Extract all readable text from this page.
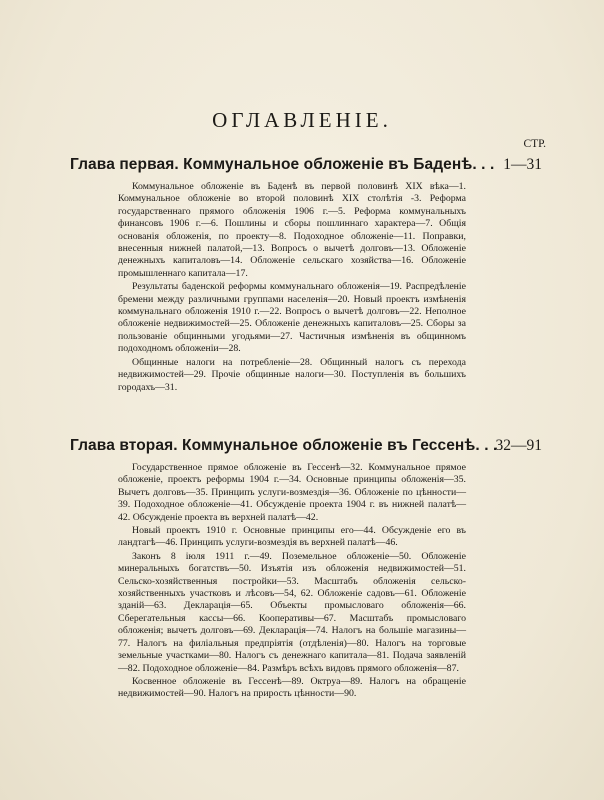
ОГЛАВЛЕНІЕ.
СТР.
Глава первая. Коммунальное обложеніе въ Баденѣ. . . 1—31

Коммунальное обложеніе въ Баденѣ въ первой половинѣ XIX вѣка—1. Коммунальное обложеніе во второй половинѣ XIX столѣтія -3. Реформа государственнаго прямого обложенія 1906 г.—5. Реформа коммунальныхъ финансовъ 1906 г.—6. Пошлины и сборы пошлиннаго характера—7. Общія основанія обложенія, по проекту—8. Подоходное обложеніе—11. Поправки, внесенныя нижней палатой,—13. Вопросъ о вычетѣ долговъ—13. Обложеніе денежныхъ капиталовъ—14. Обложеніе сельскаго хозяйства—16. Обложеніе промышленнаго капитала—17.

Результаты баденской реформы коммунальнаго обложенія—19. Распредѣленіе бремени между различными группами населенія—20. Новый проектъ измѣненія коммунальнаго обложенія 1910 г.—22. Вопросъ о вычетѣ долговъ—22. Неполное обложеніе недвижимостей—25. Обложеніе денежныхъ капиталовъ—25. Сборы за пользованіе общинными угодьями—27. Частичныя измѣненія въ общинномъ подоходномъ обложеніи—28.

Общинные налоги на потребленіе—28. Общинный налогъ съ перехода недвижимостей—29. Прочіе общинные налоги—30. Поступленія въ большихъ городахъ—31.

Глава вторая. Коммунальное обложеніе въ Гессенѣ. . .
32—91

Государственное прямое обложеніе въ Гессенѣ—32. Коммунальное прямое обложеніе, проектъ реформы 1904 г.—34. Основные принципы обложенія—35. Вычетъ долговъ—35. Принципъ услуги-возмездія—36. Обложеніе по цѣнности—39. Подоходное обложеніе—41. Обсужденіе проекта 1904 г. въ нижней палатѣ—42. Обсужденіе проекта въ верхней палатѣ—42.

Новый проектъ 1910 г. Основные принципы его—44. Обсужденіе его въ ландтагѣ—46. Принципъ услуги-возмездія въ верхней палатѣ—46.

Законъ 8 іюля 1911 г.—49. Поземельное обложеніе—50. Обложеніе минеральныхъ богатствъ—50. Изъятія изъ обложенія недвижимостей—51. Сельско-хозяйственныя постройки—53. Масштабъ обложенія сельско-хозяйственныхъ участковъ и лѣсовъ—54, 62. Обложеніе садовъ—61. Обложеніе зданій—63. Декларація—65. Объекты промысловаго обложенія—66. Сберегательныя кассы—66. Кооперативы—67. Масштабъ промысловаго обложенія; вычетъ долговъ—69. Декларація—74. Налогъ на большіе магазины—77. Налогъ на филіальныя предпріятія (отдѣленія)—80. Налогъ на торговые земельные участками—80. Налогъ съ денежнаго капитала—81. Подача заявленій—82. Подоходное обложеніе—84. Размѣръ всѣхъ видовъ прямого обложенія—87.

Косвенное обложеніе въ Гессенѣ—89. Октруа—89. Налогъ на обращеніе недвижимостей—90. Налогъ на прирость цѣнности—90.
